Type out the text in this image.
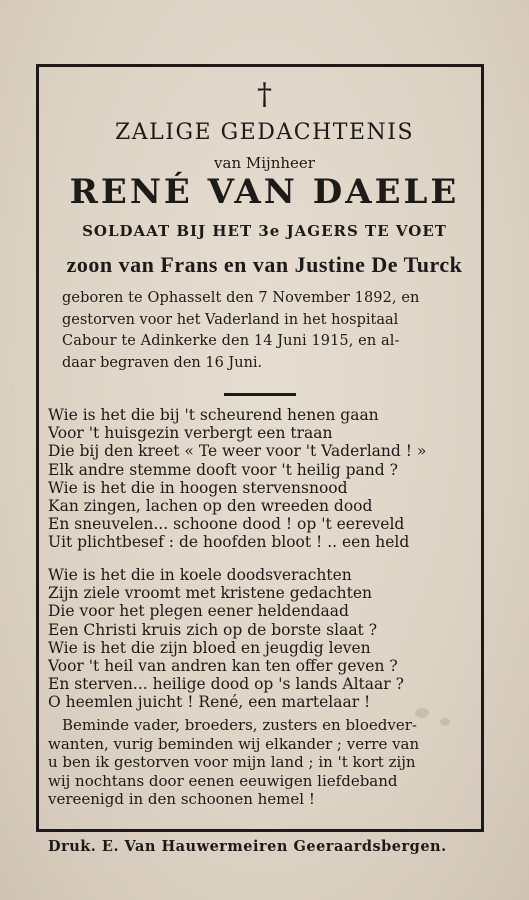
†
ZALIGE GEDACHTENIS
van Mijnheer
RENÉ VAN DAELE
SOLDAAT BIJ HET 3e JAGERS TE VOET
zoon van Frans en van Justine De Turck
geboren te Ophasselt den 7 November 1892, en
gestorven voor het Vaderland in het hospitaal
Cabour te Adinkerke den 14 Juni 1915, en al-
daar begraven den 16 Juni.
Wie is het die bij 't scheurend henen gaan
Voor 't huisgezin verbergt een traan
Die bij den kreet « Te weer voor 't Vaderland ! »
Elk andre stemme dooft voor 't heilig pand ?
Wie is het die in hoogen stervensnood
Kan zingen, lachen op den wreeden dood
En sneuvelen... schoone dood ! op 't eereveld
Uit plichtbesef : de hoofden bloot ! .. een held
Wie is het die in koele doodsverachten
Zijn ziele vroomt met kristene gedachten
Die voor het plegen eener heldendaad
Een Christi kruis zich op de borste slaat ?
Wie is het die zijn bloed en jeugdig leven
Voor 't heil van andren kan ten offer geven ?
En sterven... heilige dood op 's lands Altaar ?
O heemlen juicht ! René, een martelaar !
Beminde vader, broeders, zusters en bloedver-
wanten, vurig beminden wij elkander ; verre van
u ben ik gestorven voor mijn land ; in 't kort zijn
wij nochtans door eenen eeuwigen liefdeband
vereenigd in den schoonen hemel !
Druk. E. Van Hauwermeiren Geeraardsbergen.
